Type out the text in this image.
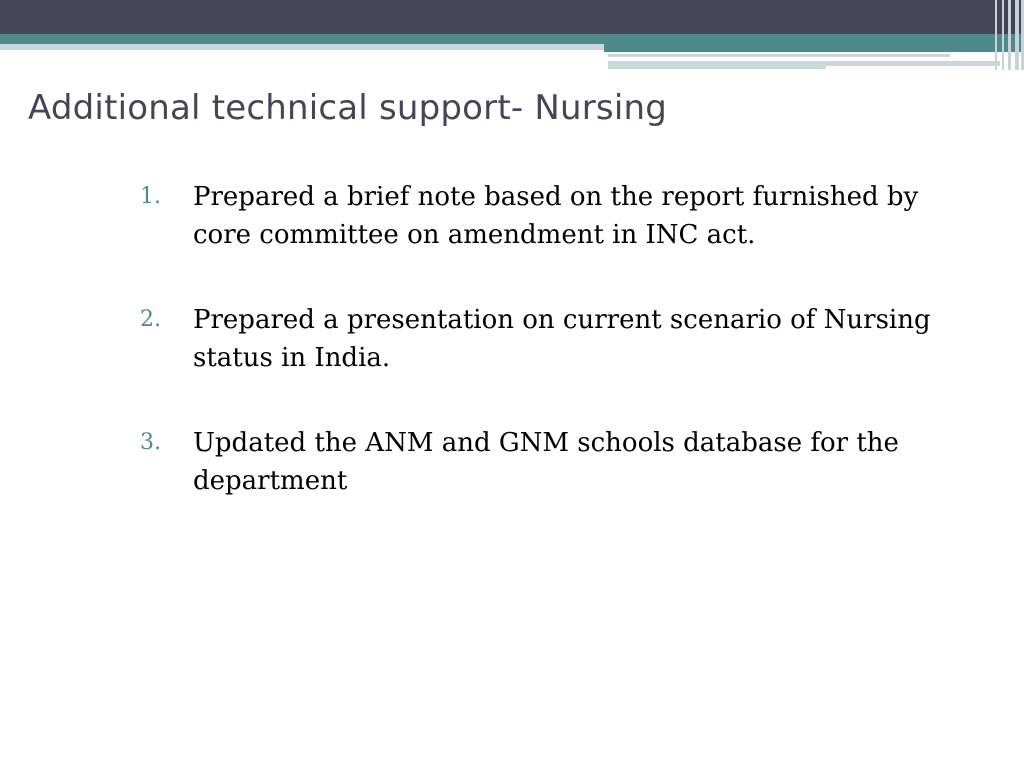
Additional technical support- Nursing
1.	Prepared a brief note based on the report furnished by core committee on amendment in INC act.
2.	Prepared a presentation on current scenario of Nursing status in India.
3.	Updated the ANM and GNM schools database for the department
